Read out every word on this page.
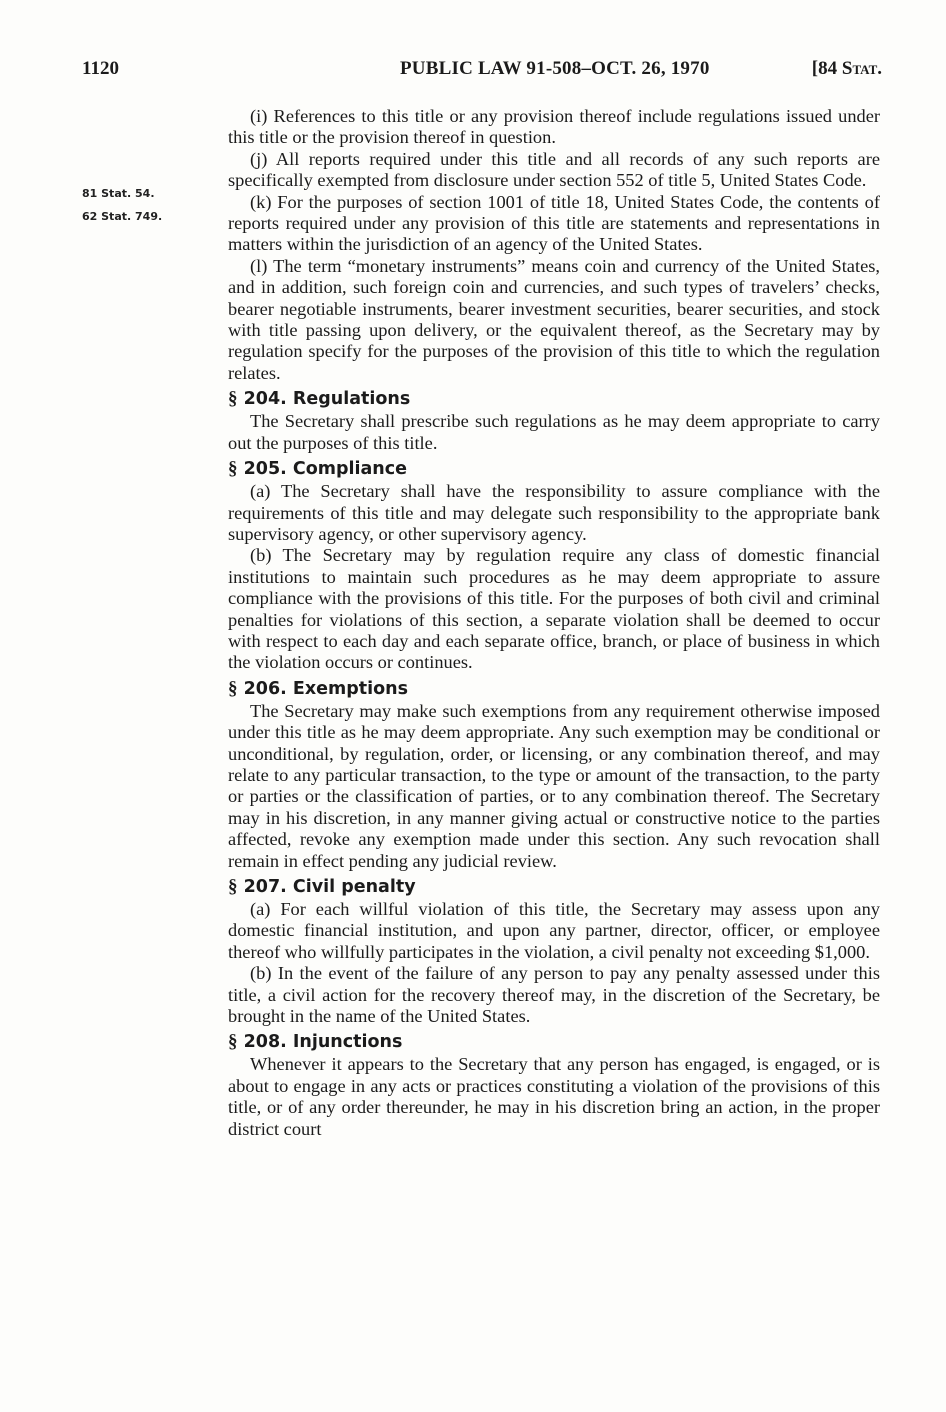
1120	PUBLIC LAW 91-508–OCT. 26, 1970	[84 Stat.
81 Stat. 54.
62 Stat. 749.

(i) References to this title or any provision thereof include regulations issued under this title or the provision thereof in question.

(j) All reports required under this title and all records of any such reports are specifically exempted from disclosure under section 552 of title 5, United States Code.

(k) For the purposes of section 1001 of title 18, United States Code, the contents of reports required under any provision of this title are statements and representations in matters within the jurisdiction of an agency of the United States.

(l) The term “monetary instruments” means coin and currency of the United States, and in addition, such foreign coin and currencies, and such types of travelers’ checks, bearer negotiable instruments, bearer investment securities, bearer securities, and stock with title passing upon delivery, or the equivalent thereof, as the Secretary may by regulation specify for the purposes of the provision of this title to which the regulation relates.

§ 204. Regulations

The Secretary shall prescribe such regulations as he may deem appropriate to carry out the purposes of this title.

§ 205. Compliance

(a) The Secretary shall have the responsibility to assure compliance with the requirements of this title and may delegate such responsibility to the appropriate bank supervisory agency, or other supervisory agency.

(b) The Secretary may by regulation require any class of domestic financial institutions to maintain such procedures as he may deem appropriate to assure compliance with the provisions of this title. For the purposes of both civil and criminal penalties for violations of this section, a separate violation shall be deemed to occur with respect to each day and each separate office, branch, or place of business in which the violation occurs or continues.

§ 206. Exemptions

The Secretary may make such exemptions from any requirement otherwise imposed under this title as he may deem appropriate. Any such exemption may be conditional or unconditional, by regulation, order, or licensing, or any combination thereof, and may relate to any particular transaction, to the type or amount of the transaction, to the party or parties or the classification of parties, or to any combination thereof. The Secretary may in his discretion, in any manner giving actual or constructive notice to the parties affected, revoke any exemption made under this section. Any such revocation shall remain in effect pending any judicial review.

§ 207. Civil penalty

(a) For each willful violation of this title, the Secretary may assess upon any domestic financial institution, and upon any partner, director, officer, or employee thereof who willfully participates in the violation, a civil penalty not exceeding $1,000.

(b) In the event of the failure of any person to pay any penalty assessed under this title, a civil action for the recovery thereof may, in the discretion of the Secretary, be brought in the name of the United States.

§ 208. Injunctions

Whenever it appears to the Secretary that any person has engaged, is engaged, or is about to engage in any acts or practices constituting a violation of the provisions of this title, or of any order thereunder, he may in his discretion bring an action, in the proper district court
